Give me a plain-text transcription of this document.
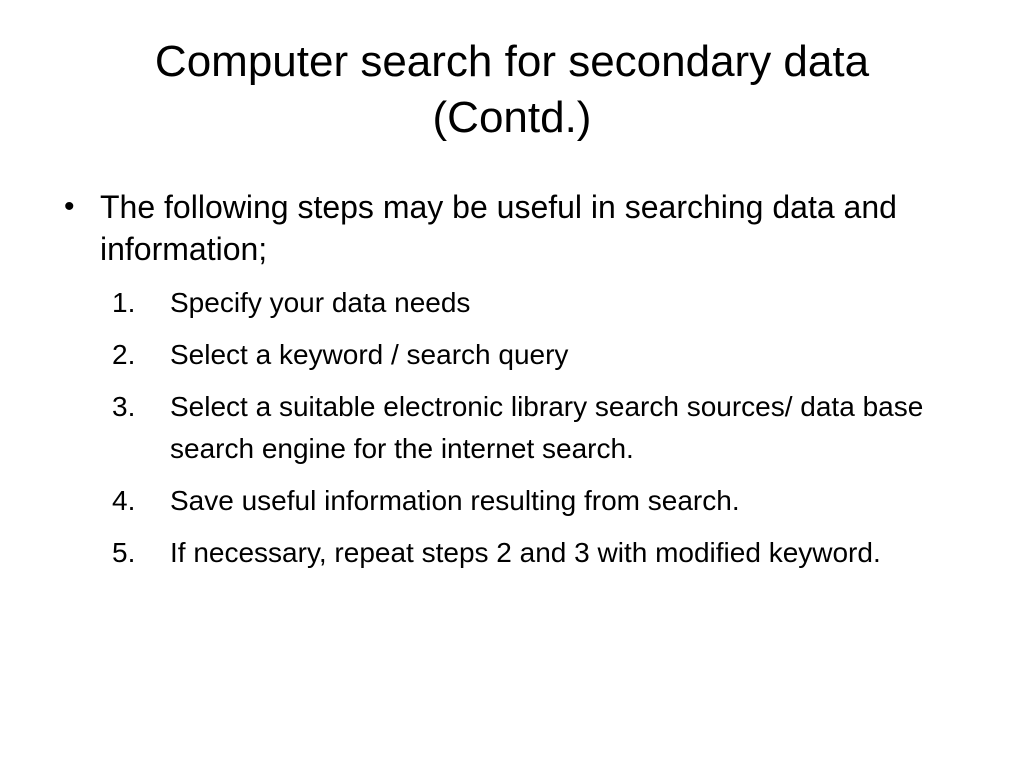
Computer search for secondary data
(Contd.)
• The following steps may be useful in searching data and information;
1.	Specify your data needs
2.	Select a keyword / search query
3.	Select a suitable electronic library search sources/ data base search engine for the internet search.
4.	Save useful information resulting from search.
5.	If necessary, repeat steps 2 and 3 with modified keyword.
